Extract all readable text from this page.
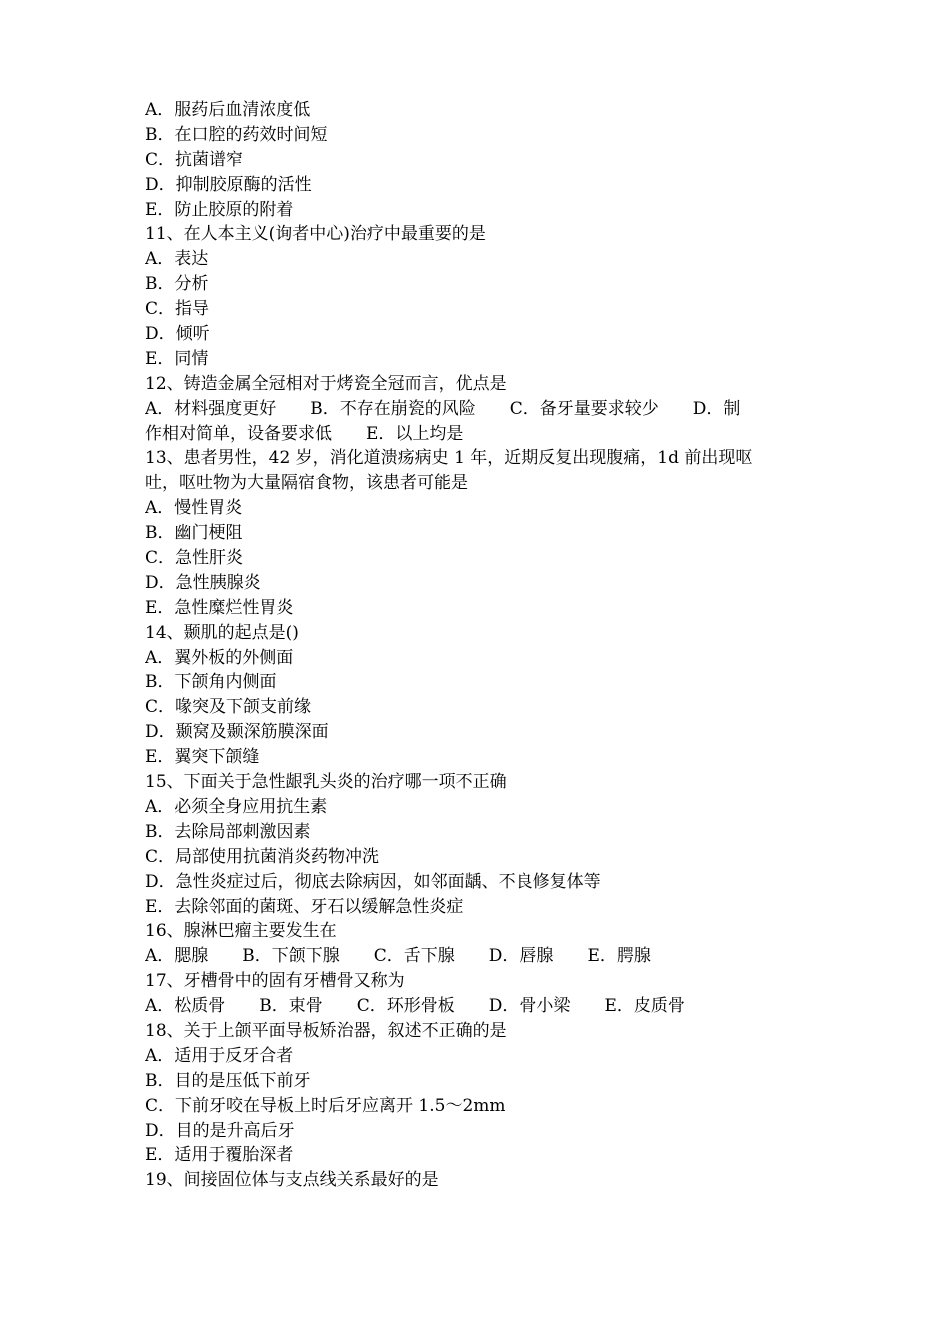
A．服药后血清浓度低
B．在口腔的药效时间短
C．抗菌谱窄
D．抑制胶原酶的活性
E．防止胶原的附着
11、在人本主义(询者中心)治疗中最重要的是
A．表达
B．分析
C．指导
D．倾听
E．同情
12、铸造金属全冠相对于烤瓷全冠而言，优点是
A．材料强度更好　　B．不存在崩瓷的风险　　C．备牙量要求较少　　D．制
作相对简单，设备要求低　　E．以上均是
13、患者男性，42 岁，消化道溃疡病史 1 年，近期反复出现腹痛，1d 前出现呕
吐，呕吐物为大量隔宿食物，该患者可能是
A．慢性胃炎
B．幽门梗阻
C．急性肝炎
D．急性胰腺炎
E．急性糜烂性胃炎
14、颞肌的起点是()
A．翼外板的外侧面
B．下颌角内侧面
C．喙突及下颌支前缘
D．颞窝及颞深筋膜深面
E．翼突下颌缝
15、下面关于急性龈乳头炎的治疗哪一项不正确
A．必须全身应用抗生素
B．去除局部刺激因素
C．局部使用抗菌消炎药物冲洗
D．急性炎症过后，彻底去除病因，如邻面龋、不良修复体等
E．去除邻面的菌斑、牙石以缓解急性炎症
16、腺淋巴瘤主要发生在
A．腮腺 B．下颌下腺 C．舌下腺 D．唇腺 E．腭腺
17、牙槽骨中的固有牙槽骨又称为
A．松质骨 B．束骨 C．环形骨板 D．骨小梁 E．皮质骨
18、关于上颌平面导板矫治器，叙述不正确的是
A．适用于反牙合者
B．目的是压低下前牙
C．下前牙咬在导板上时后牙应离开 1.5～2mm
D．目的是升高后牙
E．适用于覆胎深者
19、间接固位体与支点线关系最好的是
